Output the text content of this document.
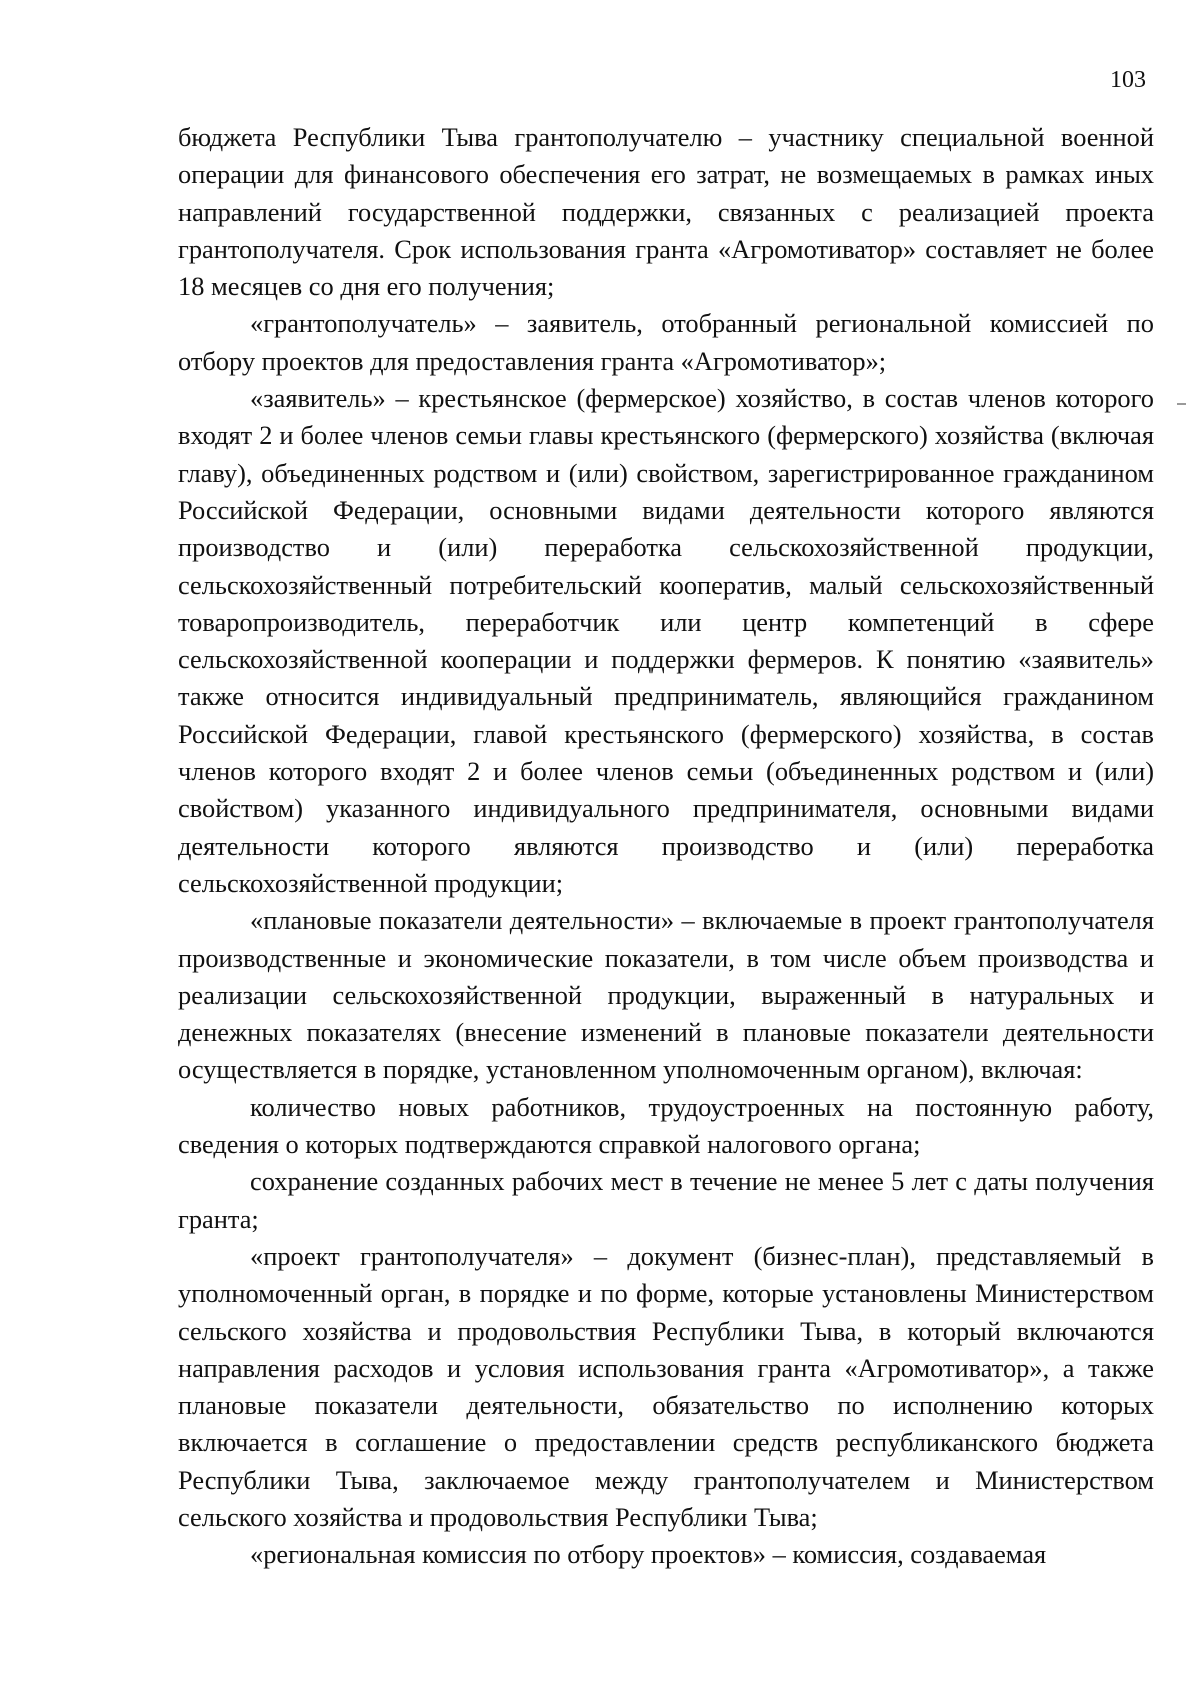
103

бюджета Республики Тыва грантополучателю – участнику специальной военной операции для финансового обеспечения его затрат, не возмещаемых в рамках иных направлений государственной поддержки, связанных с реализацией проекта грантополучателя. Срок использования гранта «Агромотиватор» составляет не более 18 месяцев со дня его получения;

«грантополучатель» – заявитель, отобранный региональной комиссией по отбору проектов для предоставления гранта «Агромотиватор»;

«заявитель» – крестьянское (фермерское) хозяйство, в состав членов которого входят 2 и более членов семьи главы крестьянского (фермерского) хозяйства (включая главу), объединенных родством и (или) свойством, зарегистрированное гражданином Российской Федерации, основными видами деятельности которого являются производство и (или) переработка сельскохозяйственной продукции, сельскохозяйственный потребительский кооператив, малый сельскохозяйственный товаропроизводитель, переработчик или центр компетенций в сфере сельскохозяйственной кооперации и поддержки фермеров. К понятию «заявитель» также относится индивидуальный предприниматель, являющийся гражданином Российской Федерации, главой крестьянского (фермерского) хозяйства, в состав членов которого входят 2 и более членов семьи (объединенных родством и (или) свойством) указанного индивидуального предпринимателя, основными видами деятельности которого являются производство и (или) переработка сельскохозяйственной продукции;

«плановые показатели деятельности» – включаемые в проект грантополучателя производственные и экономические показатели, в том числе объем производства и реализации сельскохозяйственной продукции, выраженный в натуральных и денежных показателях (внесение изменений в плановые показатели деятельности осуществляется в порядке, установленном уполномоченным органом), включая:

количество новых работников, трудоустроенных на постоянную работу, сведения о которых подтверждаются справкой налогового органа;

сохранение созданных рабочих мест в течение не менее 5 лет с даты получения гранта;

«проект грантополучателя» – документ (бизнес-план), представляемый в уполномоченный орган, в порядке и по форме, которые установлены Министерством сельского хозяйства и продовольствия Республики Тыва, в который включаются направления расходов и условия использования гранта «Агромотиватор», а также плановые показатели деятельности, обязательство по исполнению которых включается в соглашение о предоставлении средств республиканского бюджета Республики Тыва, заключаемое между грантополучателем и Министерством сельского хозяйства и продовольствия Республики Тыва;

«региональная комиссия по отбору проектов» – комиссия, создаваемая
